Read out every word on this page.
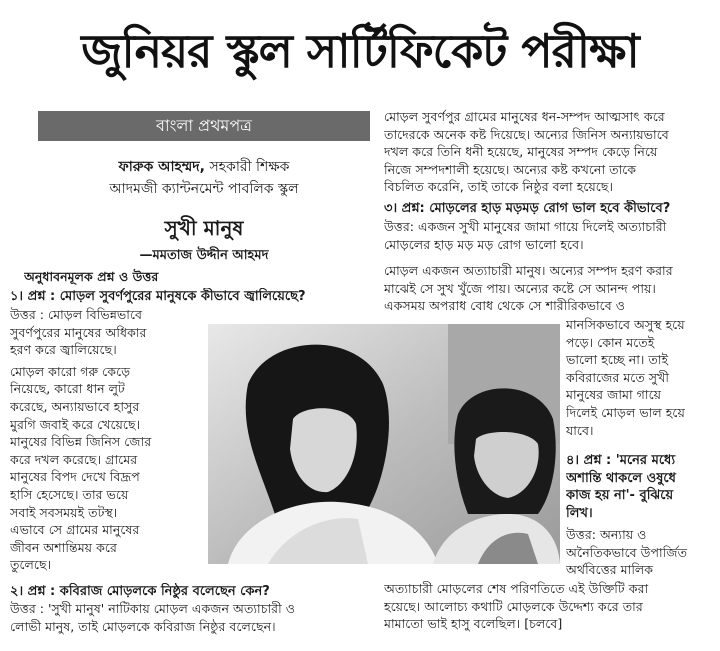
জুনিয়র স্কুল সার্টিফিকেট পরীক্ষা
বাংলা প্রথমপত্র
ফারুক আহম্মদ, সহকারী শিক্ষক
আদমজী ক্যান্টনমেন্ট পাবলিক স্কুল
সুখী মানুষ
—মমতাজ উদ্দীন আহমদ
অনুধাবনমূলক প্রশ্ন ও উত্তর
১। প্রশ্ন : মোড়ল সুবর্ণপুরের মানুষকে কীভাবে জ্বালিয়েছে?
উত্তর : মোড়ল বিভিন্নভাবে
সুবর্ণপুরের মানুষের অধিকার
হরণ করে জ্বালিয়েছে।
মোড়ল কারো গরু কেড়ে
নিয়েছে, কারো ধান লুট
করেছে, অন্যায়ভাবে হাসুর
মুরগি জবাই করে খেয়েছে।
মানুষের বিভিন্ন জিনিস জোর
করে দখল করেছে। গ্রামের
মানুষের বিপদ দেখে বিদ্রূপ
হাসি হেসেছে। তার ভয়ে
সবাই সবসময়ই তটস্থ।
এভাবে সে গ্রামের মানুষের
জীবন অশান্তিময় করে
তুলেছে।
২। প্রশ্ন : কবিরাজ মোড়লকে নিষ্ঠুর বলেছেন কেন?
উত্তর : 'সুখী মানুষ' নাটিকায় মোড়ল একজন অত্যাচারী ও
লোভী মানুষ, তাই মোড়লকে কবিরাজ নিষ্ঠুর বলেছেন।
মোড়ল সুবর্ণপুর গ্রামের মানুষের ধন-সম্পদ আত্মসাৎ করে
তাদেরকে অনেক কষ্ট দিয়েছে। অন্যের জিনিস অন্যায়ভাবে
দখল করে তিনি ধনী হয়েছে, মানুষের সম্পদ কেড়ে নিয়ে
নিজে সম্পদশালী হয়েছে। অন্যের কষ্ট কখনো তাকে
বিচলিত করেনি, তাই তাকে নিষ্ঠুর বলা হয়েছে।
৩। প্রশ্ন: মোড়লের হাড় মড়মড় রোগ ভাল হবে কীভাবে?
উত্তর: একজন সুখী মানুষের জামা গায়ে দিলেই অত্যাচারী
মোড়লের হাড় মড় মড় রোগ ভালো হবে।
মোড়ল একজন অত্যাচারী মানুষ। অন্যের সম্পদ হরণ করার
মাঝেই সে সুখ খুঁজে পায়। অন্যের কষ্টে সে আনন্দ পায়।
একসময় অপরাধ বোধ থেকে সে শারীরিকভাবে ও
মানসিকভাবে অসুস্থ হয়ে
পড়ে। কোন মতেই
ভালো হচ্ছে না। তাই
কবিরাজের মতে সুখী
মানুষের জামা গায়ে
দিলেই মোড়ল ভাল হয়ে
যাবে।
৪। প্রশ্ন : 'মনের মধ্যে
অশান্তি থাকলে ওষুধে
কাজ হয় না'- বুঝিয়ে
লিখ।
উত্তর: অন্যায় ও
অনৈতিকভাবে উপার্জিত
অর্থবিত্তের মালিক
অত্যাচারী মোড়লের শেষ পরিণতিতে এই উক্তিটি করা
হয়েছে। আলোচ্য কথাটি মোড়লকে উদ্দেশ্য করে তার
মামাতো ভাই হাসু বলেছিল। [চলবে]
